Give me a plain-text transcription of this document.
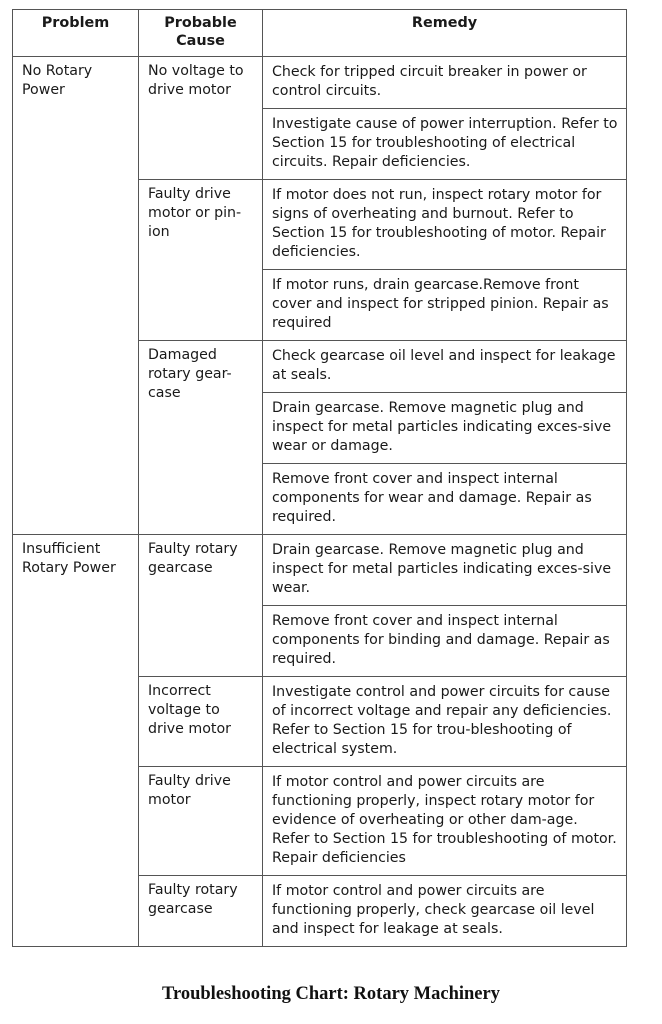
Problem	Probable Cause	Remedy
No Rotary Power	No voltage to drive motor	Check for tripped circuit breaker in power or control circuits.
		Investigate cause of power interruption. Refer to Section 15 for troubleshooting of electrical circuits. Repair deficiencies.
	Faulty drive motor or pin-ion	If motor does not run, inspect rotary motor for signs of overheating and burnout. Refer to Section 15 for troubleshooting of motor. Repair deficiencies.
		If motor runs, drain gearcase.Remove front cover and inspect for stripped pinion. Repair as required
	Damaged rotary gear-case	Check gearcase oil level and inspect for leakage at seals.
		Drain gearcase. Remove magnetic plug and inspect for metal particles indicating exces-sive wear or damage.
		Remove front cover and inspect internal components for wear and damage. Repair as required.
Insufficient Rotary Power	Faulty rotary gearcase	Drain gearcase. Remove magnetic plug and inspect for metal particles indicating exces-sive wear.
		Remove front cover and inspect internal components for binding and damage. Repair as required.
	Incorrect voltage to drive motor	Investigate control and power circuits for cause of incorrect voltage and repair any deficiencies. Refer to Section 15 for trou-bleshooting of electrical system.
	Faulty drive motor	If motor control and power circuits are functioning properly, inspect rotary motor for evidence of overheating or other dam-age. Refer to Section 15 for troubleshooting of motor. Repair deficiencies
	Faulty rotary gearcase	If motor control and power circuits are functioning properly, check gearcase oil level and inspect for leakage at seals.
Troubleshooting Chart: Rotary Machinery
